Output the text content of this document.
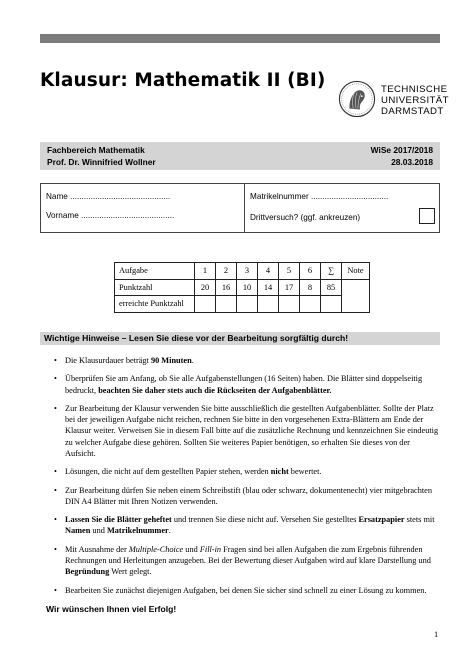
Klausur: Mathematik II (BI)	TECHNISCHE
UNIVERSITÄT
DARMSTADT
Fachbereich Mathematik
Prof. Dr. Winnifried Wollner
WiSe 2017/2018
28.03.2018
Name ............................................
Vorname .........................................
Matrikelnummer ..................................
Drittversuch? (ggf. ankreuzen)
Aufgabe	1	2	3	4	5	6	∑	Note
Punktzahl	20	16	10	14	17	8	85	
erreichte Punktzahl								
Wichtige Hinweise – Lesen Sie diese vor der Bearbeitung sorgfältig durch!
• Die Klausurdauer beträgt 90 Minuten.
• Überprüfen Sie am Anfang, ob Sie alle Aufgabenstellungen (16 Seiten) haben. Die Blätter sind doppelseitig bedruckt, beachten Sie daher stets auch die Rückseiten der Aufgabenblätter.
• Zur Bearbeitung der Klausur verwenden Sie bitte ausschließlich die gestellten Aufgabenblätter. Sollte der Platz bei der jeweiligen Aufgabe nicht reichen, rechnen Sie bitte in den vorgesehenen Extra-Blättern am Ende der Klausur weiter. Verweisen Sie in diesem Fall bitte auf die zusätzliche Rechnung und kennzeichnen Sie eindeutig zu welcher Aufgabe diese gehören. Sollten Sie weiteres Papier benötigen, so erhalten Sie dieses von der Aufsicht.
• Lösungen, die nicht auf dem gestellten Papier stehen, werden nicht bewertet.
• Zur Bearbeitung dürfen Sie neben einem Schreibstift (blau oder schwarz, dokumentenecht) vier mitgebrachten DIN A4 Blätter mit Ihren Notizen verwenden.
• Lassen Sie die Blätter geheftet und trennen Sie diese nicht auf. Versehen Sie gestelltes Ersatzpapier stets mit Namen und Matrikelnummer.
• Mit Ausnahme der Multiple-Choice und Fill-in Fragen sind bei allen Aufgaben die zum Ergebnis führenden Rechnungen und Herleitungen anzugeben. Bei der Bewertung dieser Aufgaben wird auf klare Darstellung und Begründung Wert gelegt.
• Bearbeiten Sie zunächst diejenigen Aufgaben, bei denen Sie sicher sind schnell zu einer Lösung zu kommen.
Wir wünschen Ihnen viel Erfolg!
1
